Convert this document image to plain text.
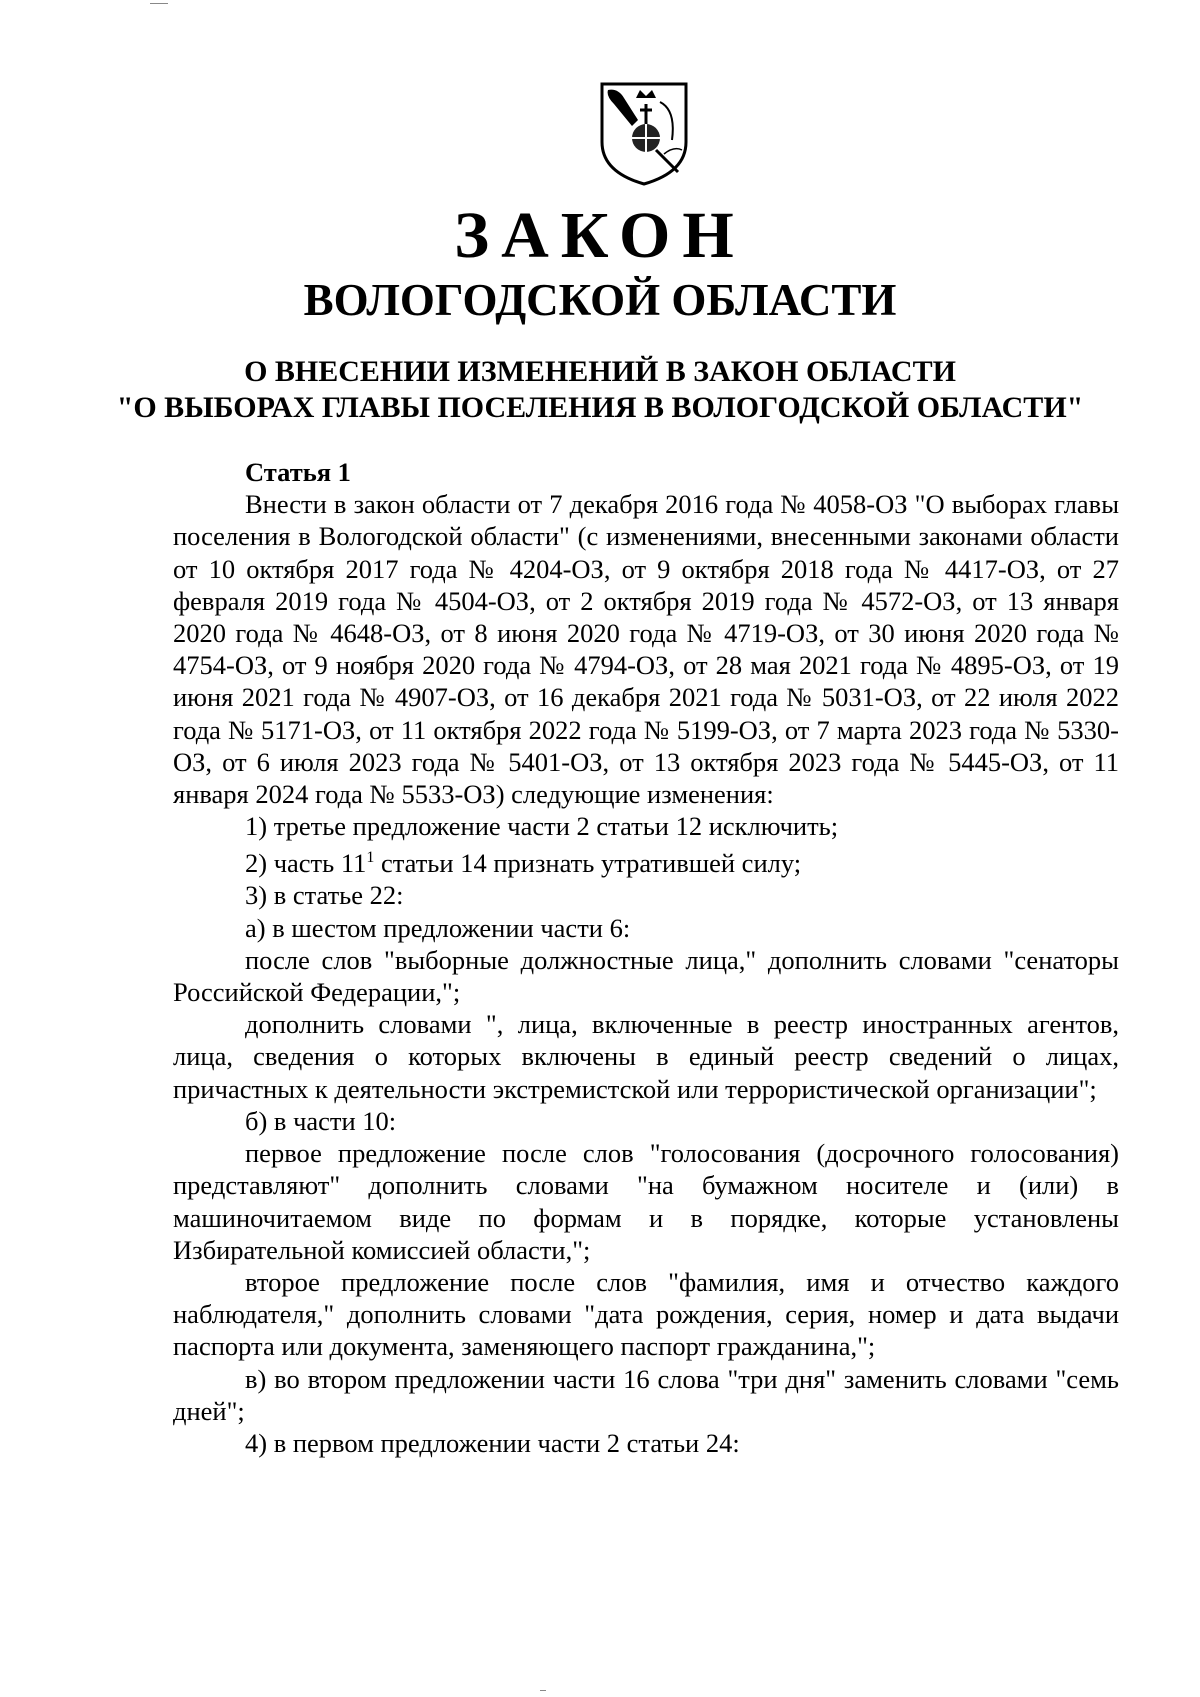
ЗАКОН
ВОЛОГОДСКОЙ ОБЛАСТИ
О ВНЕСЕНИИ ИЗМЕНЕНИЙ В ЗАКОН ОБЛАСТИ
"О ВЫБОРАХ ГЛАВЫ ПОСЕЛЕНИЯ В ВОЛОГОДСКОЙ ОБЛАСТИ"
Статья 1

Внести в закон области от 7 декабря 2016 года № 4058-ОЗ "О выборах главы поселения в Вологодской области" (с изменениями, внесенными законами области от 10 октября 2017 года № 4204-ОЗ, от 9 октября 2018 года № 4417-ОЗ, от 27 февраля 2019 года № 4504-ОЗ, от 2 октября 2019 года № 4572-ОЗ, от 13 января 2020 года № 4648-ОЗ, от 8 июня 2020 года № 4719-ОЗ, от 30 июня 2020 года № 4754-ОЗ, от 9 ноября 2020 года № 4794-ОЗ, от 28 мая 2021 года № 4895-ОЗ, от 19 июня 2021 года № 4907-ОЗ, от 16 декабря 2021 года № 5031-ОЗ, от 22 июля 2022 года № 5171-ОЗ, от 11 октября 2022 года № 5199-ОЗ, от 7 марта 2023 года № 5330-ОЗ, от 6 июля 2023 года № 5401-ОЗ, от 13 октября 2023 года № 5445-ОЗ, от 11 января 2024 года № 5533-ОЗ) следующие изменения:

1) третье предложение части 2 статьи 12 исключить;

2) часть $11^1$ статьи 14 признать утратившей силу;

3) в статье 22:

а) в шестом предложении части 6:

после слов "выборные должностные лица," дополнить словами "сенаторы Российской Федерации,";

дополнить словами ", лица, включенные в реестр иностранных агентов, лица, сведения о которых включены в единый реестр сведений о лицах, причастных к деятельности экстремистской или террористической организации";

б) в части 10:

первое предложение после слов "голосования (досрочного голосования) представляют" дополнить словами "на бумажном носителе и (или) в машиночитаемом виде по формам и в порядке, которые установлены Избирательной комиссией области,";

второе предложение после слов "фамилия, имя и отчество каждого наблюдателя," дополнить словами "дата рождения, серия, номер и дата выдачи паспорта или документа, заменяющего паспорт гражданина,";

в) во втором предложении части 16 слова "три дня" заменить словами "семь дней";

4) в первом предложении части 2 статьи 24:
